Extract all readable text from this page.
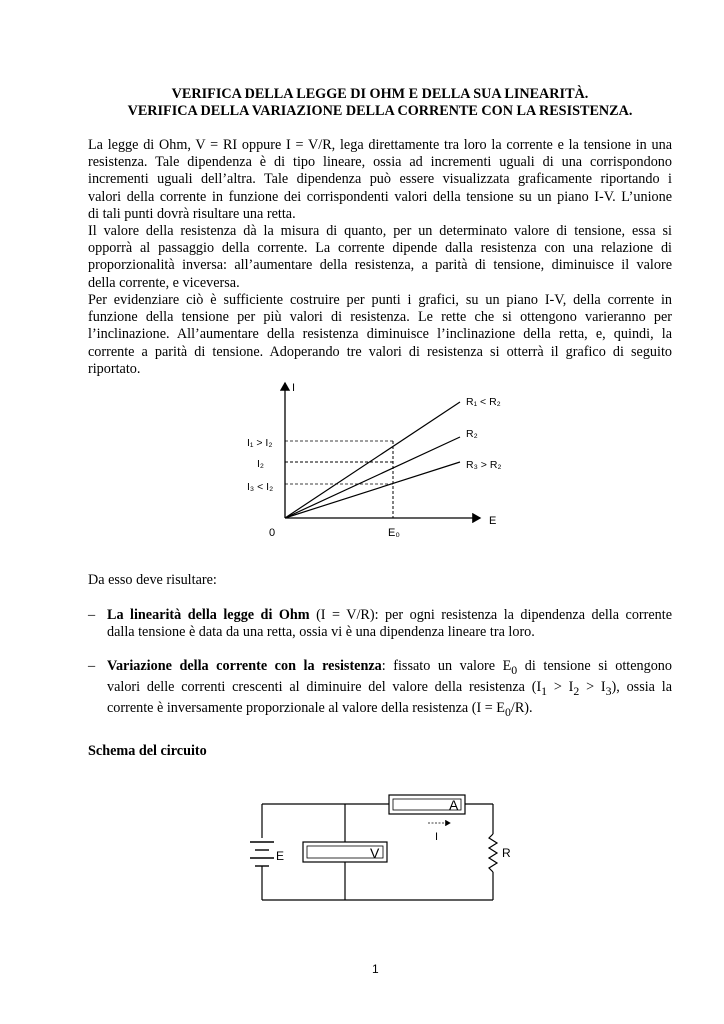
VERIFICA DELLA LEGGE DI OHM E DELLA SUA LINEARITÀ.
VERIFICA DELLA VARIAZIONE DELLA CORRENTE CON LA RESISTENZA.
La legge di Ohm, V = RI oppure I = V/R, lega direttamente tra loro la corrente e la tensione in una
resistenza. Tale dipendenza è di tipo lineare, ossia ad incrementi uguali di una corrispondono
incrementi uguali dell’altra. Tale dipendenza può essere visualizzata graficamente riportando i
valori della corrente in funzione dei corrispondenti valori della tensione su un piano I-V. L’unione
di tali punti dovrà risultare una retta.
Il valore della resistenza dà la misura di quanto, per un determinato valore di tensione, essa si
opporrà al passaggio della corrente. La corrente dipende dalla resistenza con una relazione di
proporzionalità inversa: all’aumentare della resistenza, a parità di tensione, diminuisce il valore
della corrente, e viceversa.
Per evidenziare ciò è sufficiente costruire per punti i grafici, su un piano I-V, della corrente in
funzione della tensione per più valori di resistenza. Le rette che si ottengono varieranno per
l’inclinazione. All’aumentare della resistenza diminuisce l’inclinazione della retta, e, quindi, la
corrente a parità di tensione. Adoperando tre valori di resistenza si otterrà il grafico di seguito
riportato.
I
E
0	E₀
R₁ < R₂
R₂
R₃ > R₂
I₁ > I₂
I₂
I₃ < I₂
Da esso deve risultare:
– La linearità della legge di Ohm (I = V/R): per ogni resistenza la dipendenza della corrente
dalla tensione è data da una retta, ossia vi è una dipendenza lineare tra loro.
– Variazione della corrente con la resistenza: fissato un valore $E_0$ di tensione si ottengono
valori delle correnti crescenti al diminuire del valore della resistenza $(I_1 > I_2 > I_3)$, ossia la
corrente è inversamente proporzionale al valore della resistenza $(I = E_0/R)$.
Schema del circuito
A
V
E	R
I
1
